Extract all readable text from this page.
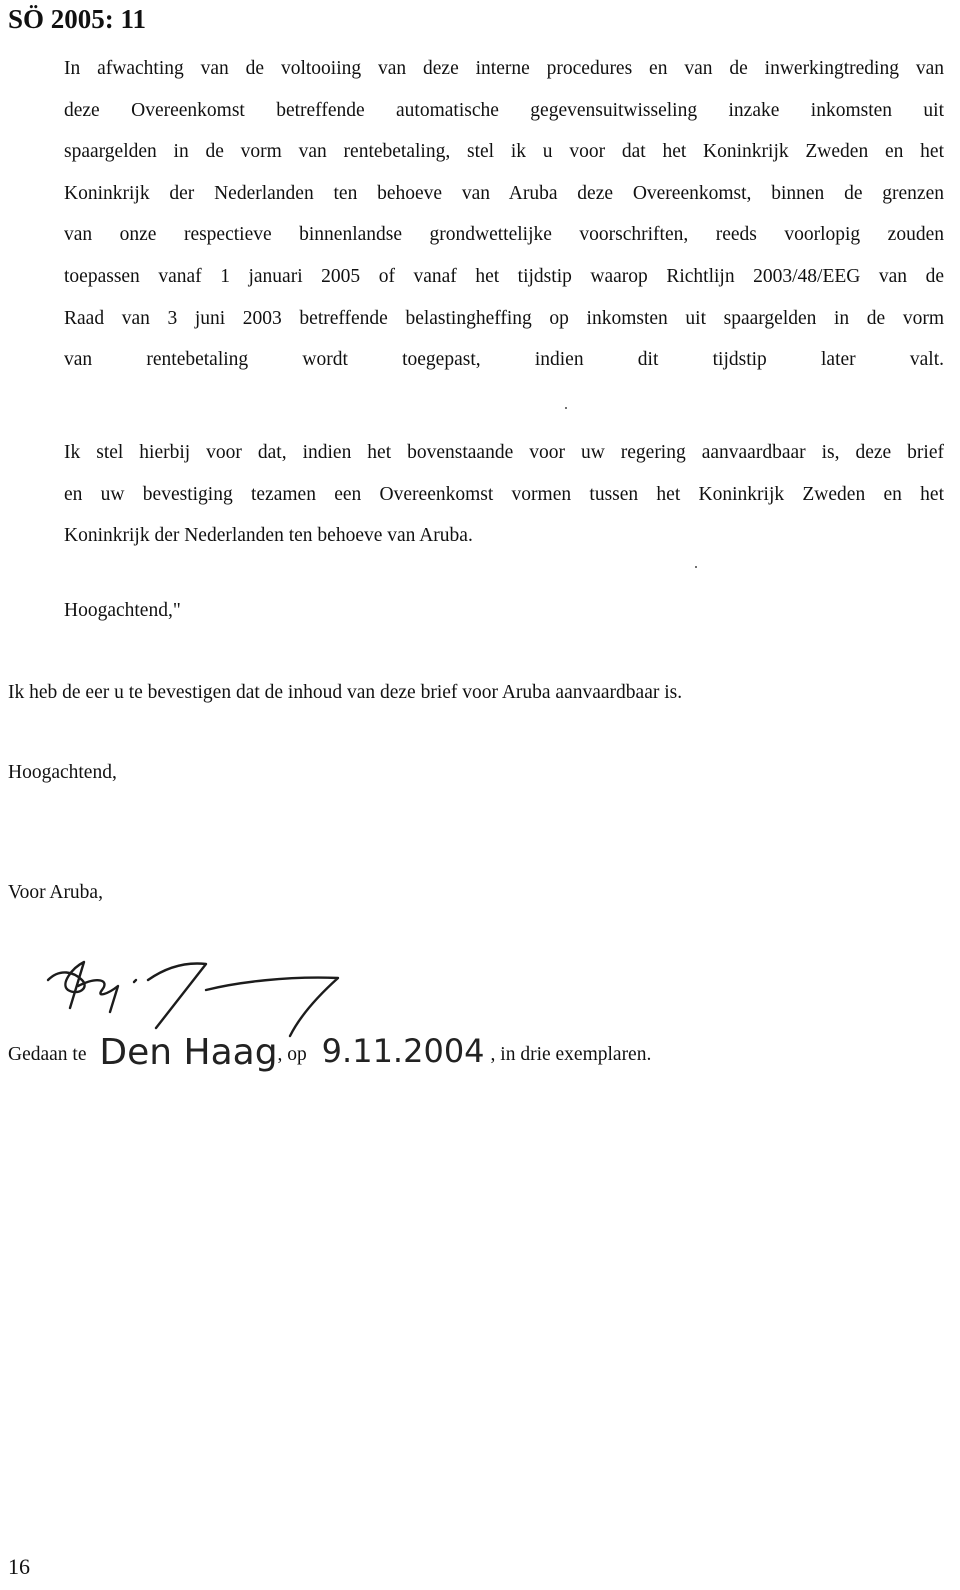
SÖ 2005: 11
In afwachting van de voltooiing van deze interne procedures en van de inwerkingtreding van
deze Overeenkomst betreffende automatische gegevensuitwisseling inzake inkomsten uit
spaargelden in de vorm van rentebetaling, stel ik u voor dat het Koninkrijk Zweden en het
Koninkrijk der Nederlanden ten behoeve van Aruba deze Overeenkomst, binnen de grenzen
van onze respectieve binnenlandse grondwettelijke voorschriften, reeds voorlopig zouden
toepassen vanaf 1 januari 2005 of vanaf het tijdstip waarop Richtlijn 2003/48/EEG van de
Raad van 3 juni 2003 betreffende belastingheffing op inkomsten uit spaargelden in de vorm
van rentebetaling wordt toegepast, indien dit tijdstip later valt.
Ik stel hierbij voor dat, indien het bovenstaande voor uw regering aanvaardbaar is, deze brief
en uw bevestiging tezamen een Overeenkomst vormen tussen het Koninkrijk Zweden en het
Koninkrijk der Nederlanden ten behoeve van Aruba.
Hoogachtend,"
Ik heb de eer u te bevestigen dat de inhoud van deze brief voor Aruba aanvaardbaar is.
Hoogachtend,
Voor Aruba,
Gedaan te Den Haag, op 9.11.2004 , in drie exemplaren.
16
